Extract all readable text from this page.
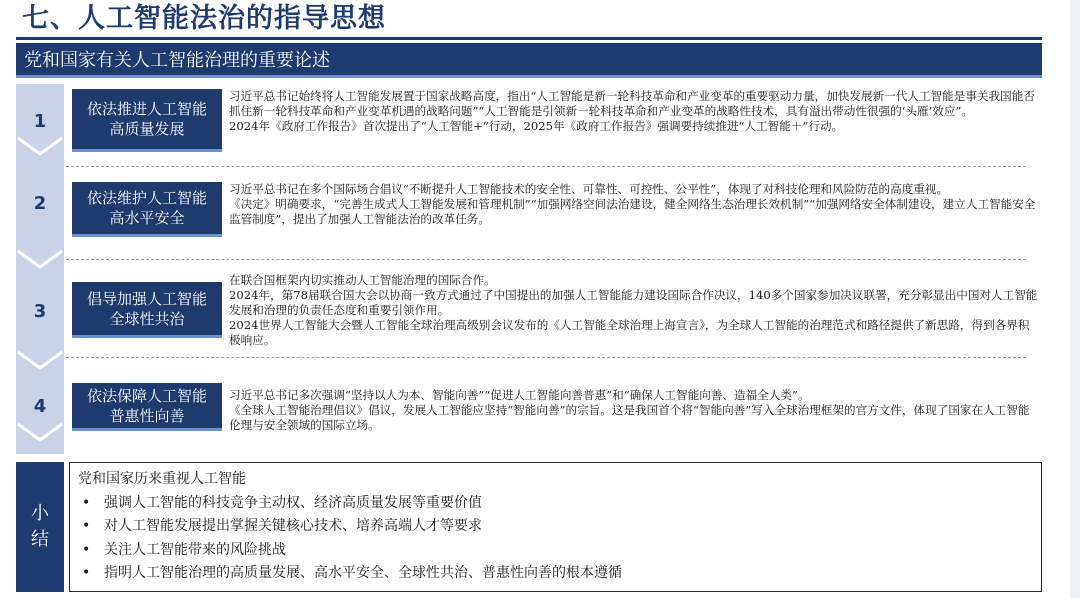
七、人工智能法治的指导思想
党和国家有关人工智能治理的重要论述
1
2
3
4
依法推进人工智能
高质量发展

习近平总书记始终将人工智能发展置于国家战略高度，指出“人工智能是新一轮科技革命和产业变革的重要驱动力量，加快发展新一代人工智能是事关我国能否抓住新一轮科技革命和产业变革机遇的战略问题”“人工智能是引领新一轮科技革命和产业变革的战略性技术，具有溢出带动性很强的‘头雁’效应”。

2024年《政府工作报告》首次提出了“人工智能+”行动，2025年《政府工作报告》强调要持续推进“人工智能＋”行动。

依法维护人工智能
高水平安全

习近平总书记在多个国际场合倡议“不断提升人工智能技术的安全性、可靠性、可控性、公平性”，体现了对科技伦理和风险防范的高度重视。

《决定》明确要求，“完善生成式人工智能发展和管理机制”“加强网络空间法治建设，健全网络生态治理长效机制”“加强网络安全体制建设，建立人工智能安全监管制度”，提出了加强人工智能法治的改革任务。

倡导加强人工智能
全球性共治

在联合国框架内切实推动人工智能治理的国际合作。

2024年，第78届联合国大会以协商一致方式通过了中国提出的加强人工智能能力建设国际合作决议，140多个国家参加决议联署，充分彰显出中国对人工智能发展和治理的负责任态度和重要引领作用。

2024世界人工智能大会暨人工智能全球治理高级别会议发布的《人工智能全球治理上海宣言》，为全球人工智能的治理范式和路径提供了新思路，得到各界积极响应。

依法保障人工智能
普惠性向善

习近平总书记多次强调“坚持以人为本、智能向善”“促进人工智能向善普惠”和“确保人工智能向善、造福全人类”。

《全球人工智能治理倡议》倡议，发展人工智能应坚持“智能向善”的宗旨。这是我国首个将“智能向善”写入全球治理框架的官方文件，体现了国家在人工智能伦理与安全领域的国际立场。

小
结

党和国家历来重视人工智能

• 强调人工智能的科技竞争主动权、经济高质量发展等重要价值
• 对人工智能发展提出掌握关键核心技术、培养高端人才等要求
• 关注人工智能带来的风险挑战
• 指明人工智能治理的高质量发展、高水平安全、全球性共治、普惠性向善的根本遵循
